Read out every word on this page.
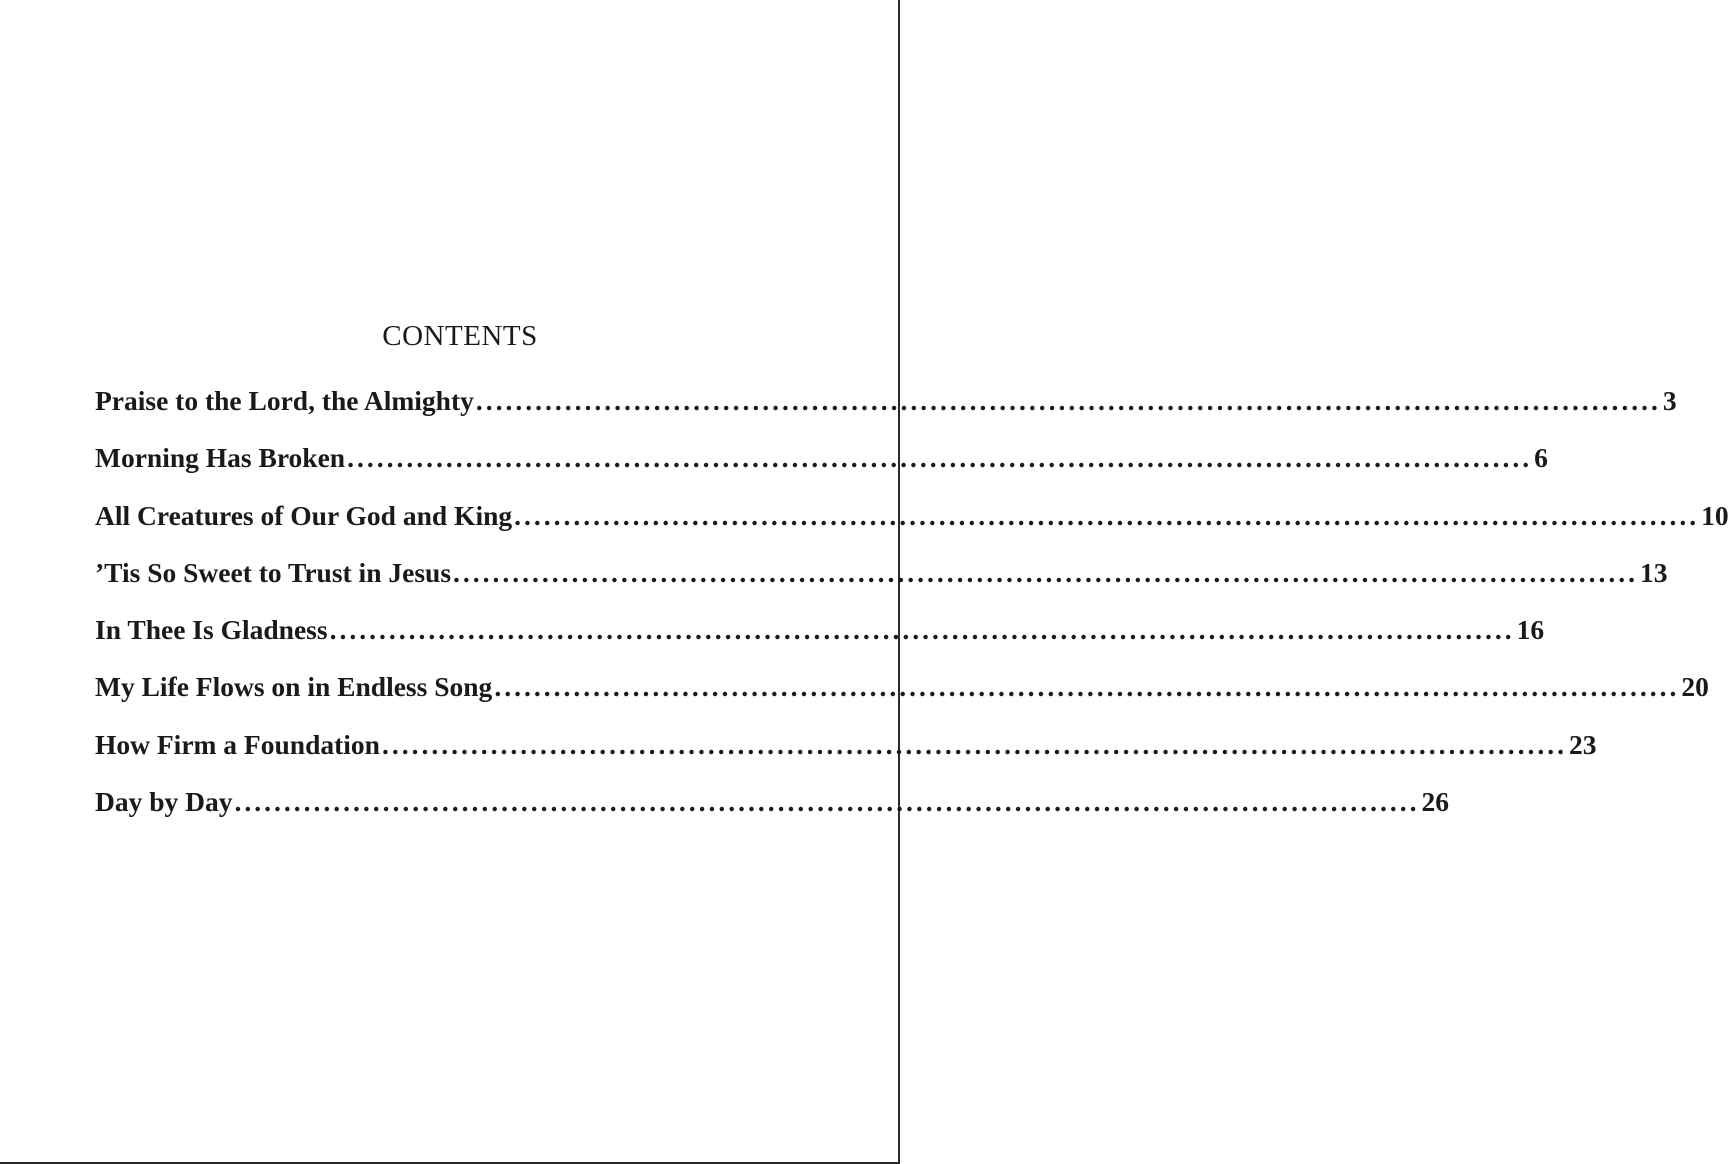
CONTENTS
Praise to the Lord, the Almighty ........................................................................................................................ 3
Morning Has Broken ........................................................................................................................ 6
All Creatures of Our God and King ........................................................................................................................ 10
’Tis So Sweet to Trust in Jesus ........................................................................................................................ 13
In Thee Is Gladness ........................................................................................................................ 16
My Life Flows on in Endless Song ........................................................................................................................ 20
How Firm a Foundation ........................................................................................................................ 23
Day by Day ........................................................................................................................ 26
